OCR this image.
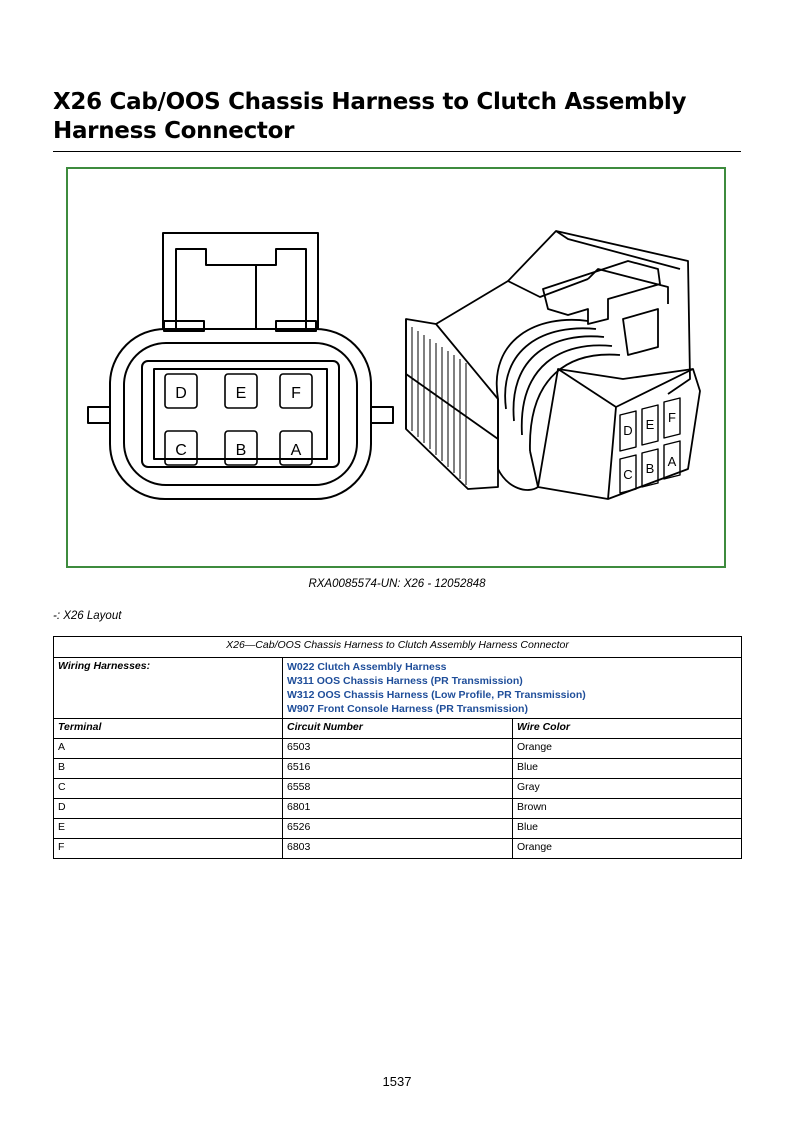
X26 Cab/OOS Chassis Harness to Clutch Assembly Harness Connector
D	E	F
C	B	A
D E F
C B A
RXA0085574-UN: X26 - 12052848
-: X26 Layout
X26—Cab/OOS Chassis Harness to Clutch Assembly Harness Connector		
Wiring Harnesses:	W022 Clutch Assembly Harness
W311 OOS Chassis Harness (PR Transmission)
W312 OOS Chassis Harness (Low Profile, PR Transmission)
W907 Front Console Harness (PR Transmission)	

Terminal	Circuit Number	Wire Color
A	6503	Orange
B	6516	Blue
C	6558	Gray
D	6801	Brown
E	6526	Blue
F	6803	Orange
1537
